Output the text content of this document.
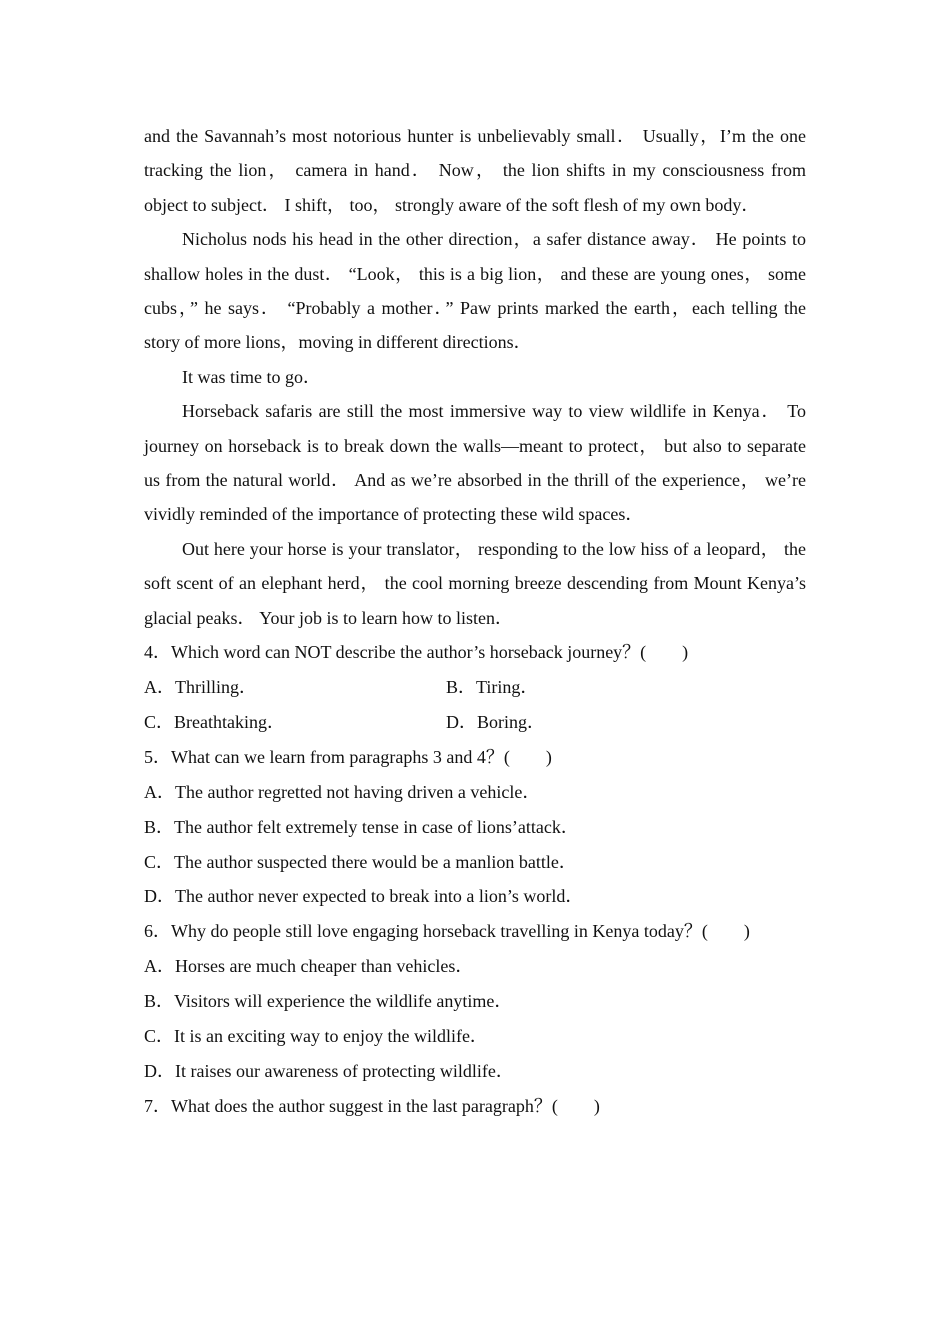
and the Savannah’s most notorious hunter is unbelievably small． Usually，I’m the one tracking the lion， camera in hand． Now， the lion shifts in my consciousness from object to subject． I shift， too， strongly aware of the soft flesh of my own body．

Nicholus nods his head in the other direction，a safer distance away． He points to shallow holes in the dust． “Look， this is a big lion， and these are young ones， some cubs，” he says． “Probably a mother．” Paw prints marked the earth，each telling the story of more lions，moving in different directions．

It was time to go．

Horseback safaris are still the most immersive way to view wildlife in Kenya． To journey on horseback is to break down the walls—meant to protect， but also to separate us from the natural world． And as we’re absorbed in the thrill of the experience， we’re vividly reminded of the importance of protecting these wild spaces．

Out here your horse is your translator， responding to the low hiss of a leopard， the soft scent of an elephant herd， the cool morning breeze descending from Mount Kenya’s glacial peaks． Your job is to learn how to listen．

4．Which word can NOT describe the author’s horseback journey？(　　)

A．Thrilling．	B．Tiring．
C．Breathtaking．	D．Boring．

5．What can we learn from paragraphs 3 and 4？(　　)

A．The author regretted not having driven a vehicle．

B．The author felt extremely tense in case of lions’attack．

C．The author suspected there would be a manlion battle．

D．The author never expected to break into a lion’s world．

6．Why do people still love engaging horseback travelling in Kenya today？(　　)

A．Horses are much cheaper than vehicles．

B．Visitors will experience the wildlife anytime．

C．It is an exciting way to enjoy the wildlife．

D．It raises our awareness of protecting wildlife．

7．What does the author suggest in the last paragraph？(　　)
